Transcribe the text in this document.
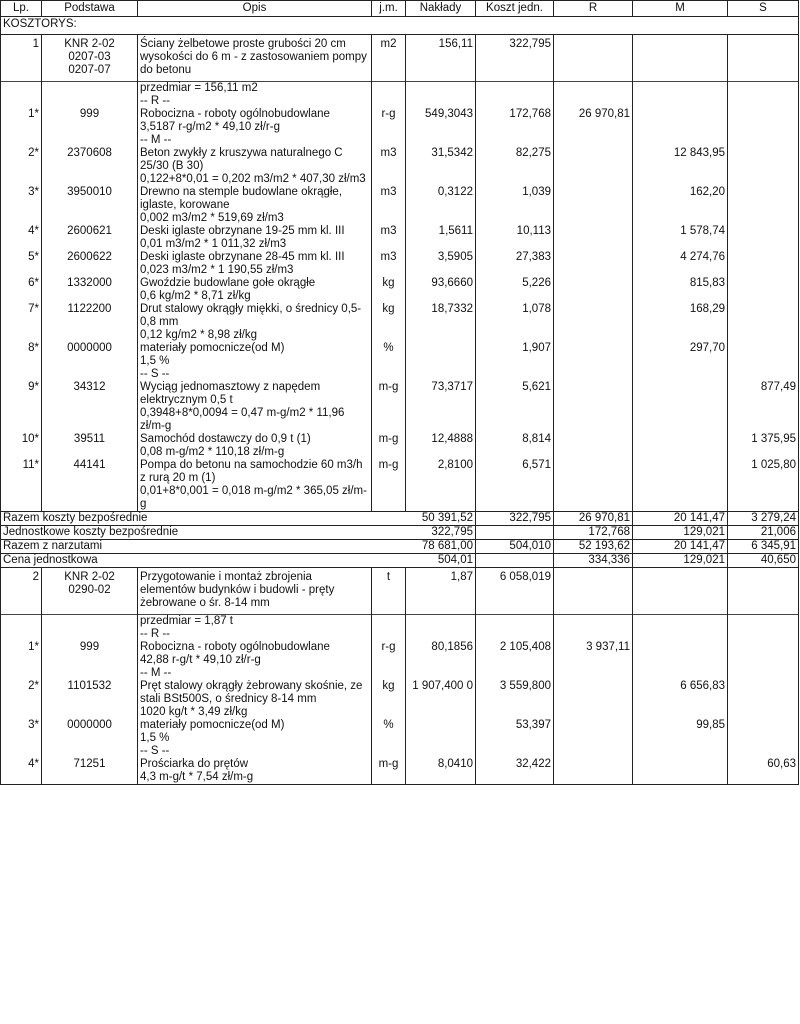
Lp.	Podstawa	Opis	j.m.	Nakłady	Koszt jedn.	R	M	S
KOSZTORYS:								
1	KNR 2-02
0207-03
0207-07	Ściany żelbetowe proste grubości 20 cm wysokości do 6 m - z zastosowaniem pompy do betonu	m2	156,11	322,795			
		przedmiar = 156,11 m2						
		-- R --						
1*	999	Robocizna - roboty ogólnobudowlane
3,5187 r-g/m2 * 49,10 zł/r-g	r-g	549,3043	172,768	26 970,81		
		-- M --						
2*	2370608	Beton zwykły z kruszywa naturalnego C 25/30 (B 30)
0,122+8*0,01 = 0,202 m3/m2 * 407,30 zł/m3	m3	31,5342	82,275		12 843,95	
3*	3950010	Drewno na stemple budowlane okrągłe, iglaste, korowane
0,002 m3/m2 * 519,69 zł/m3	m3	0,3122	1,039		162,20	
4*	2600621	Deski iglaste obrzynane 19-25 mm kl. III
0,01 m3/m2 * 1 011,32 zł/m3	m3	1,5611	10,113		1 578,74	
5*	2600622	Deski iglaste obrzynane 28-45 mm kl. III
0,023 m3/m2 * 1 190,55 zł/m3	m3	3,5905	27,383		4 274,76	
6*	1332000	Gwoździe budowlane gołe okrągłe
0,6 kg/m2 * 8,71 zł/kg	kg	93,6660	5,226		815,83	
7*	1122200	Drut stalowy okrągły miękki, o średnicy 0,5-0,8 mm
0,12 kg/m2 * 8,98 zł/kg	kg	18,7332	1,078		168,29	
8*	0000000	materiały pomocnicze(od M)
1,5 %	%		1,907		297,70	
		-- S --						
9*	34312	Wyciąg jednomasztowy z napędem elektrycznym 0,5 t
0,3948+8*0,0094 = 0,47 m-g/m2 * 11,96 zł/m-g	m-g	73,3717	5,621			877,49
10*	39511	Samochód dostawczy do 0,9 t (1)
0,08 m-g/m2 * 110,18 zł/m-g	m-g	12,4888	8,814			1 375,95
11*	44141	Pompa do betonu na samochodzie 60 m3/h z rurą 20 m (1)
0,01+8*0,001 = 0,018 m-g/m2 * 365,05 zł/m-g	m-g	2,8100	6,571			1 025,80
Razem koszty bezpośrednie				50 391,52	322,795	26 970,81	20 141,47	3 279,24
Jednostkowe koszty bezpośrednie				322,795		172,768	129,021	21,006
Razem z narzutami				78 681,00	504,010	52 193,62	20 141,47	6 345,91
Cena jednostkowa				504,01		334,336	129,021	40,650
2	KNR 2-02
0290-02	Przygotowanie i montaż zbrojenia elementów budynków i budowli - pręty żebrowane o śr. 8-14 mm	t	1,87	6 058,019			
		przedmiar = 1,87 t						
		-- R --						
1*	999	Robocizna - roboty ogólnobudowlane
42,88 r-g/t * 49,10 zł/r-g	r-g	80,1856	2 105,408	3 937,11		
		-- M --						
2*	1101532	Pręt stalowy okrągły żebrowany skośnie, ze stali BSt500S, o średnicy 8-14 mm
1020 kg/t * 3,49 zł/kg	kg	1 907,400 0	3 559,800		6 656,83	
3*	0000000	materiały pomocnicze(od M)
1,5 %	%		53,397		99,85	
		-- S --						
4*	71251	Prościarka do prętów
4,3 m-g/t * 7,54 zł/m-g	m-g	8,0410	32,422			60,63
